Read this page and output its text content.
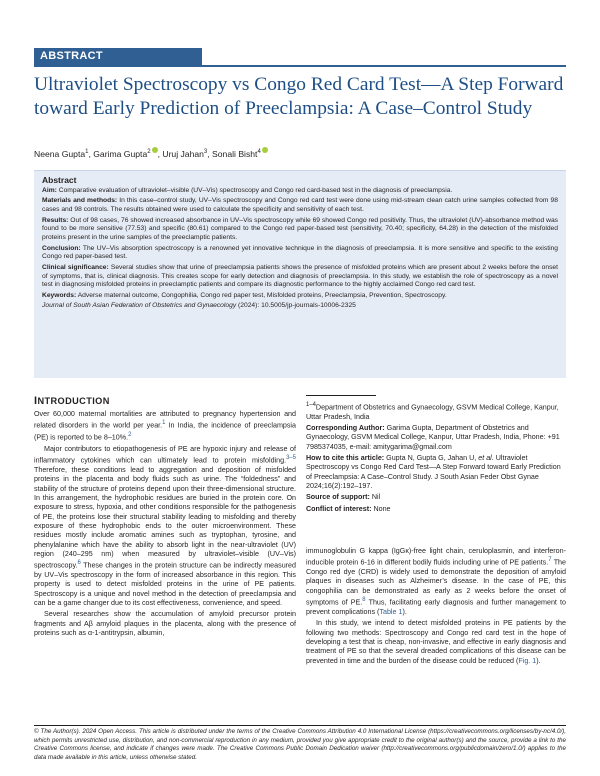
ABSTRACT
Ultraviolet Spectroscopy vs Congo Red Card Test—A Step Forward toward Early Prediction of Preeclampsia: A Case–Control Study
Neena Gupta$^1$, Garima Gupta$^2$ , Uruj Jahan$^3$, Sonali Bisht$^4$

Abstract

Aim: Comparative evaluation of ultraviolet–visible (UV–Vis) spectroscopy and Congo red card-based test in the diagnosis of preeclampsia.

Materials and methods: In this case–control study, UV–Vis spectroscopy and Congo red card test were done using mid-stream clean catch urine samples collected from 98 cases and 98 controls. The results obtained were used to calculate the specificity and sensitivity of each test.

Results: Out of 98 cases, 76 showed increased absorbance in UV–Vis spectroscopy while 69 showed Congo red positivity. Thus, the ultraviolet (UV)-absorbance method was found to be more sensitive (77.53) and specific (80.61) compared to the Congo red paper-based test (sensitivity, 70.40; specificity, 64.28) in the detection of the misfolded proteins present in the urine samples of the preeclamptic patients.

Conclusion: The UV–Vis absorption spectroscopy is a renowned yet innovative technique in the diagnosis of preeclampsia. It is more sensitive and specific to the existing Congo red paper-based test.

Clinical significance: Several studies show that urine of preeclampsia patients shows the presence of misfolded proteins which are present about 2 weeks before the onset of symptoms, that is, clinical diagnosis. This creates scope for early detection and diagnosis of preeclampsia. In this study, we establish the role of spectroscopy as a novel test in diagnosing misfolded proteins in preeclamptic patients and compare its diagnostic performance to the highly acclaimed Congo red card test.

Keywords: Adverse maternal outcome, Congophilia, Congo red paper test, Misfolded proteins, Preeclampsia, Prevention, Spectroscopy.

Journal of South Asian Federation of Obstetrics and Gynaecology (2024): 10.5005/jp-journals-10006-2325

INTRODUCTION

Over 60,000 maternal mortalities are attributed to pregnancy hypertension and related disorders in the world per year.$^1$ In India, the incidence of preeclampsia (PE) is reported to be 8–10%.$^2$

Major contributors to etiopathogenesis of PE are hypoxic injury and release of inflammatory cytokines which can ultimately lead to protein misfolding.$^{3-5}$ Therefore, these conditions lead to aggregation and deposition of misfolded proteins in the placenta and body fluids such as urine. The “foldedness” and stability of the structure of proteins depend upon their three-dimensional structure. In this arrangement, the hydrophobic residues are buried in the protein core. On exposure to stress, hypoxia, and other conditions responsible for the pathogenesis of PE, the proteins lose their structural stability leading to misfolding and thereby exposure of these hydrophobic ends to the outer microenvironment. These residues mostly include aromatic amines such as tryptophan, tyrosine, and phenylalanine which have the ability to absorb light in the near-ultraviolet (UV) region (240–295 nm) when measured by ultraviolet–visible (UV–Vis) spectroscopy.$^6$ These changes in the protein structure can be indirectly measured by UV–Vis spectroscopy in the form of increased absorbance in this region. This property is used to detect misfolded proteins in the urine of PE patients. Spectroscopy is a unique and novel method in the detection of preeclampsia and can be a game changer due to its cost effectiveness, convenience, and speed.

Several researches show the accumulation of amyloid precursor protein fragments and Aβ amyloid plaques in the placenta, along with the presence of proteins such as α-1-antitrypsin, albumin,

$^{1-4}$Department of Obstetrics and Gynaecology, GSVM Medical College, Kanpur, Uttar Pradesh, India

Corresponding Author: Garima Gupta, Department of Obstetrics and Gynaecology, GSVM Medical College, Kanpur, Uttar Pradesh, India, Phone: +91 7985374035, e-mail: amitygarima@gmail.com

How to cite this article: Gupta N, Gupta G, Jahan U, et al. Ultraviolet Spectroscopy vs Congo Red Card Test—A Step Forward toward Early Prediction of Preeclampsia: A Case–Control Study. J South Asian Feder Obst Gynae 2024;16(2):192–197.

Source of support: Nil

Conflict of interest: None

immunoglobulin G kappa (IgGκ)-free light chain, ceruloplasmin, and interferon-inducible protein 6-16 in different bodily fluids including urine of PE patients.$^7$ The Congo red dye (CRD) is widely used to demonstrate the deposition of amyloid plaques in diseases such as Alzheimer’s disease. In the case of PE, this congophilia can be demonstrated as early as 2 weeks before the onset of symptoms of PE.$^8$ Thus, facilitating early diagnosis and further management to prevent complications (Table 1).

In this study, we intend to detect misfolded proteins in PE patients by the following two methods: Spectroscopy and Congo red card test in the hope of developing a test that is cheap, non-invasive, and effective in early diagnosis and treatment of PE so that the several dreaded complications of this disease can be prevented in time and the burden of the disease could be reduced (Fig. 1).

© The Author(s). 2024 Open Access. This article is distributed under the terms of the Creative Commons Attribution 4.0 International License (https://creativecommons.org/licenses/by-nc/4.0/), which permits unrestricted use, distribution, and non-commercial reproduction in any medium, provided you give appropriate credit to the original author(s) and the source, provide a link to the Creative Commons license, and indicate if changes were made. The Creative Commons Public Domain Dedication waiver (http://creativecommons.org/publicdomain/zero/1.0/) applies to the data made available in this article, unless otherwise stated.
